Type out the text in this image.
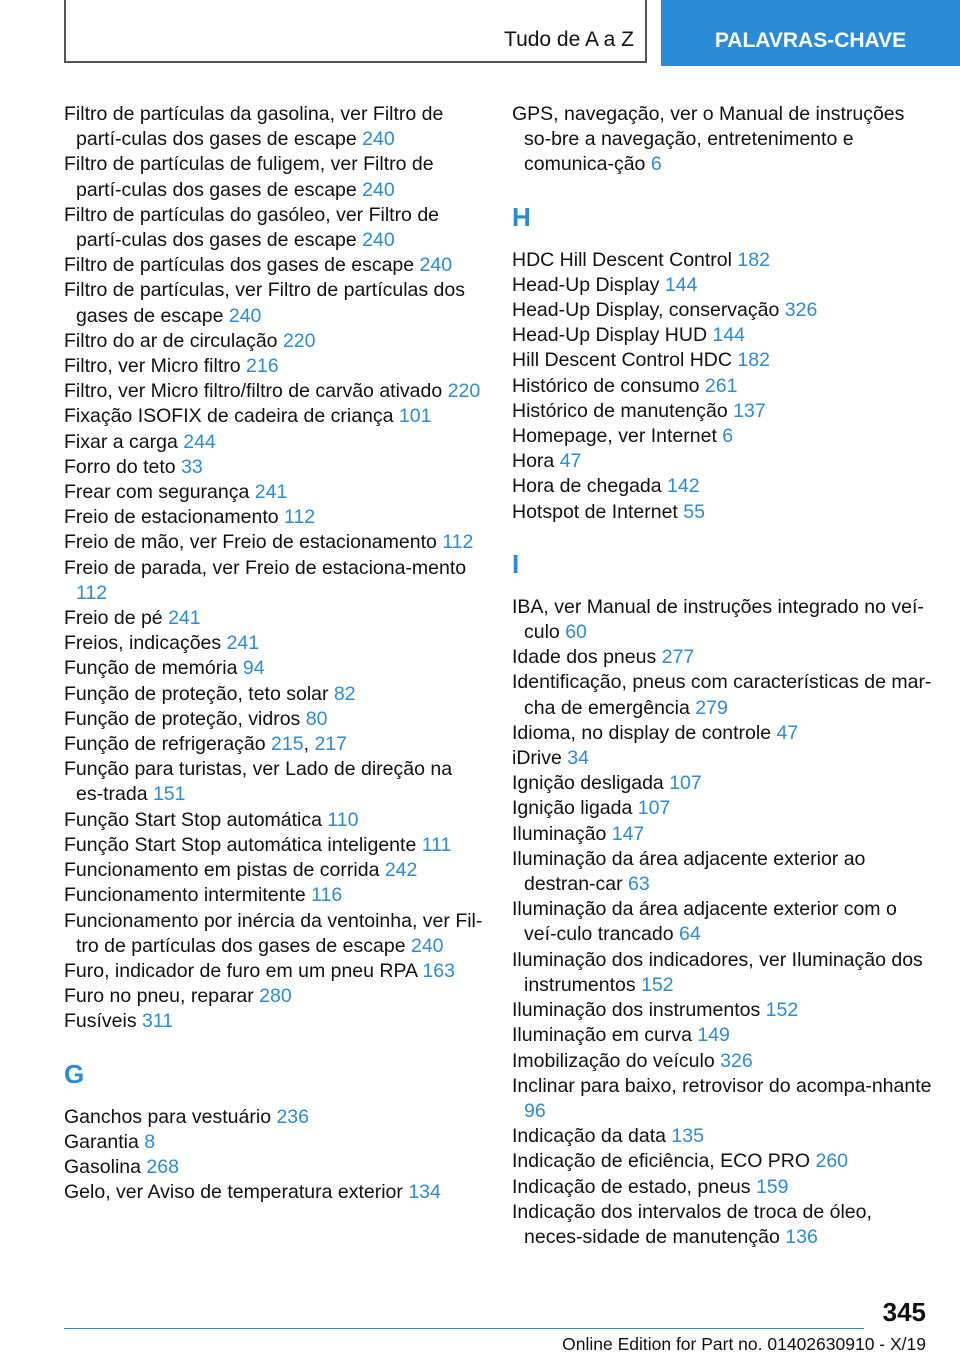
Tudo de A a Z	PALAVRAS-CHAVE
Filtro de partículas da gasolina, ver Filtro de partí‐culas dos gases de escape 240
Filtro de partículas de fuligem, ver Filtro de partí‐culas dos gases de escape 240
Filtro de partículas do gasóleo, ver Filtro de partí‐culas dos gases de escape 240
Filtro de partículas dos gases de escape 240
Filtro de partículas, ver Filtro de partículas dos gases de escape 240
Filtro do ar de circulação 220
Filtro, ver Micro filtro 216
Filtro, ver Micro filtro/filtro de carvão ativado 220
Fixação ISOFIX de cadeira de criança 101
Fixar a carga 244
Forro do teto 33
Frear com segurança 241
Freio de estacionamento 112
Freio de mão, ver Freio de estacionamento 112
Freio de parada, ver Freio de estaciona‐mento 112
Freio de pé 241
Freios, indicações 241
Função de memória 94
Função de proteção, teto solar 82
Função de proteção, vidros 80
Função de refrigeração 215, 217
Função para turistas, ver Lado de direção na es‐trada 151
Função Start Stop automática 110
Função Start Stop automática inteligente 111
Funcionamento em pistas de corrida 242
Funcionamento intermitente 116
Funcionamento por inércia da ventoinha, ver Fil‐tro de partículas dos gases de escape 240
Furo, indicador de furo em um pneu RPA 163
Furo no pneu, reparar 280
Fusíveis 311
G
Ganchos para vestuário 236
Garantia 8
Gasolina 268
Gelo, ver Aviso de temperatura exterior 134
GPS, navegação, ver o Manual de instruções so‐bre a navegação, entretenimento e comunica‐ção 6
H
HDC Hill Descent Control 182
Head-Up Display 144
Head-Up Display, conservação 326
Head-Up Display HUD 144
Hill Descent Control HDC 182
Histórico de consumo 261
Histórico de manutenção 137
Homepage, ver Internet 6
Hora 47
Hora de chegada 142
Hotspot de Internet 55
I
IBA, ver Manual de instruções integrado no veí‐culo 60
Idade dos pneus 277
Identificação, pneus com características de mar‐cha de emergência 279
Idioma, no display de controle 47
iDrive 34
Ignição desligada 107
Ignição ligada 107
Iluminação 147
Iluminação da área adjacente exterior ao destran‐car 63
Iluminação da área adjacente exterior com o veí‐culo trancado 64
Iluminação dos indicadores, ver Iluminação dos instrumentos 152
Iluminação dos instrumentos 152
Iluminação em curva 149
Imobilização do veículo 326
Inclinar para baixo, retrovisor do acompa‐nhante 96
Indicação da data 135
Indicação de eficiência, ECO PRO 260
Indicação de estado, pneus 159
Indicação dos intervalos de troca de óleo, neces‐sidade de manutenção 136
345
Online Edition for Part no. 01402630910 - X/19
